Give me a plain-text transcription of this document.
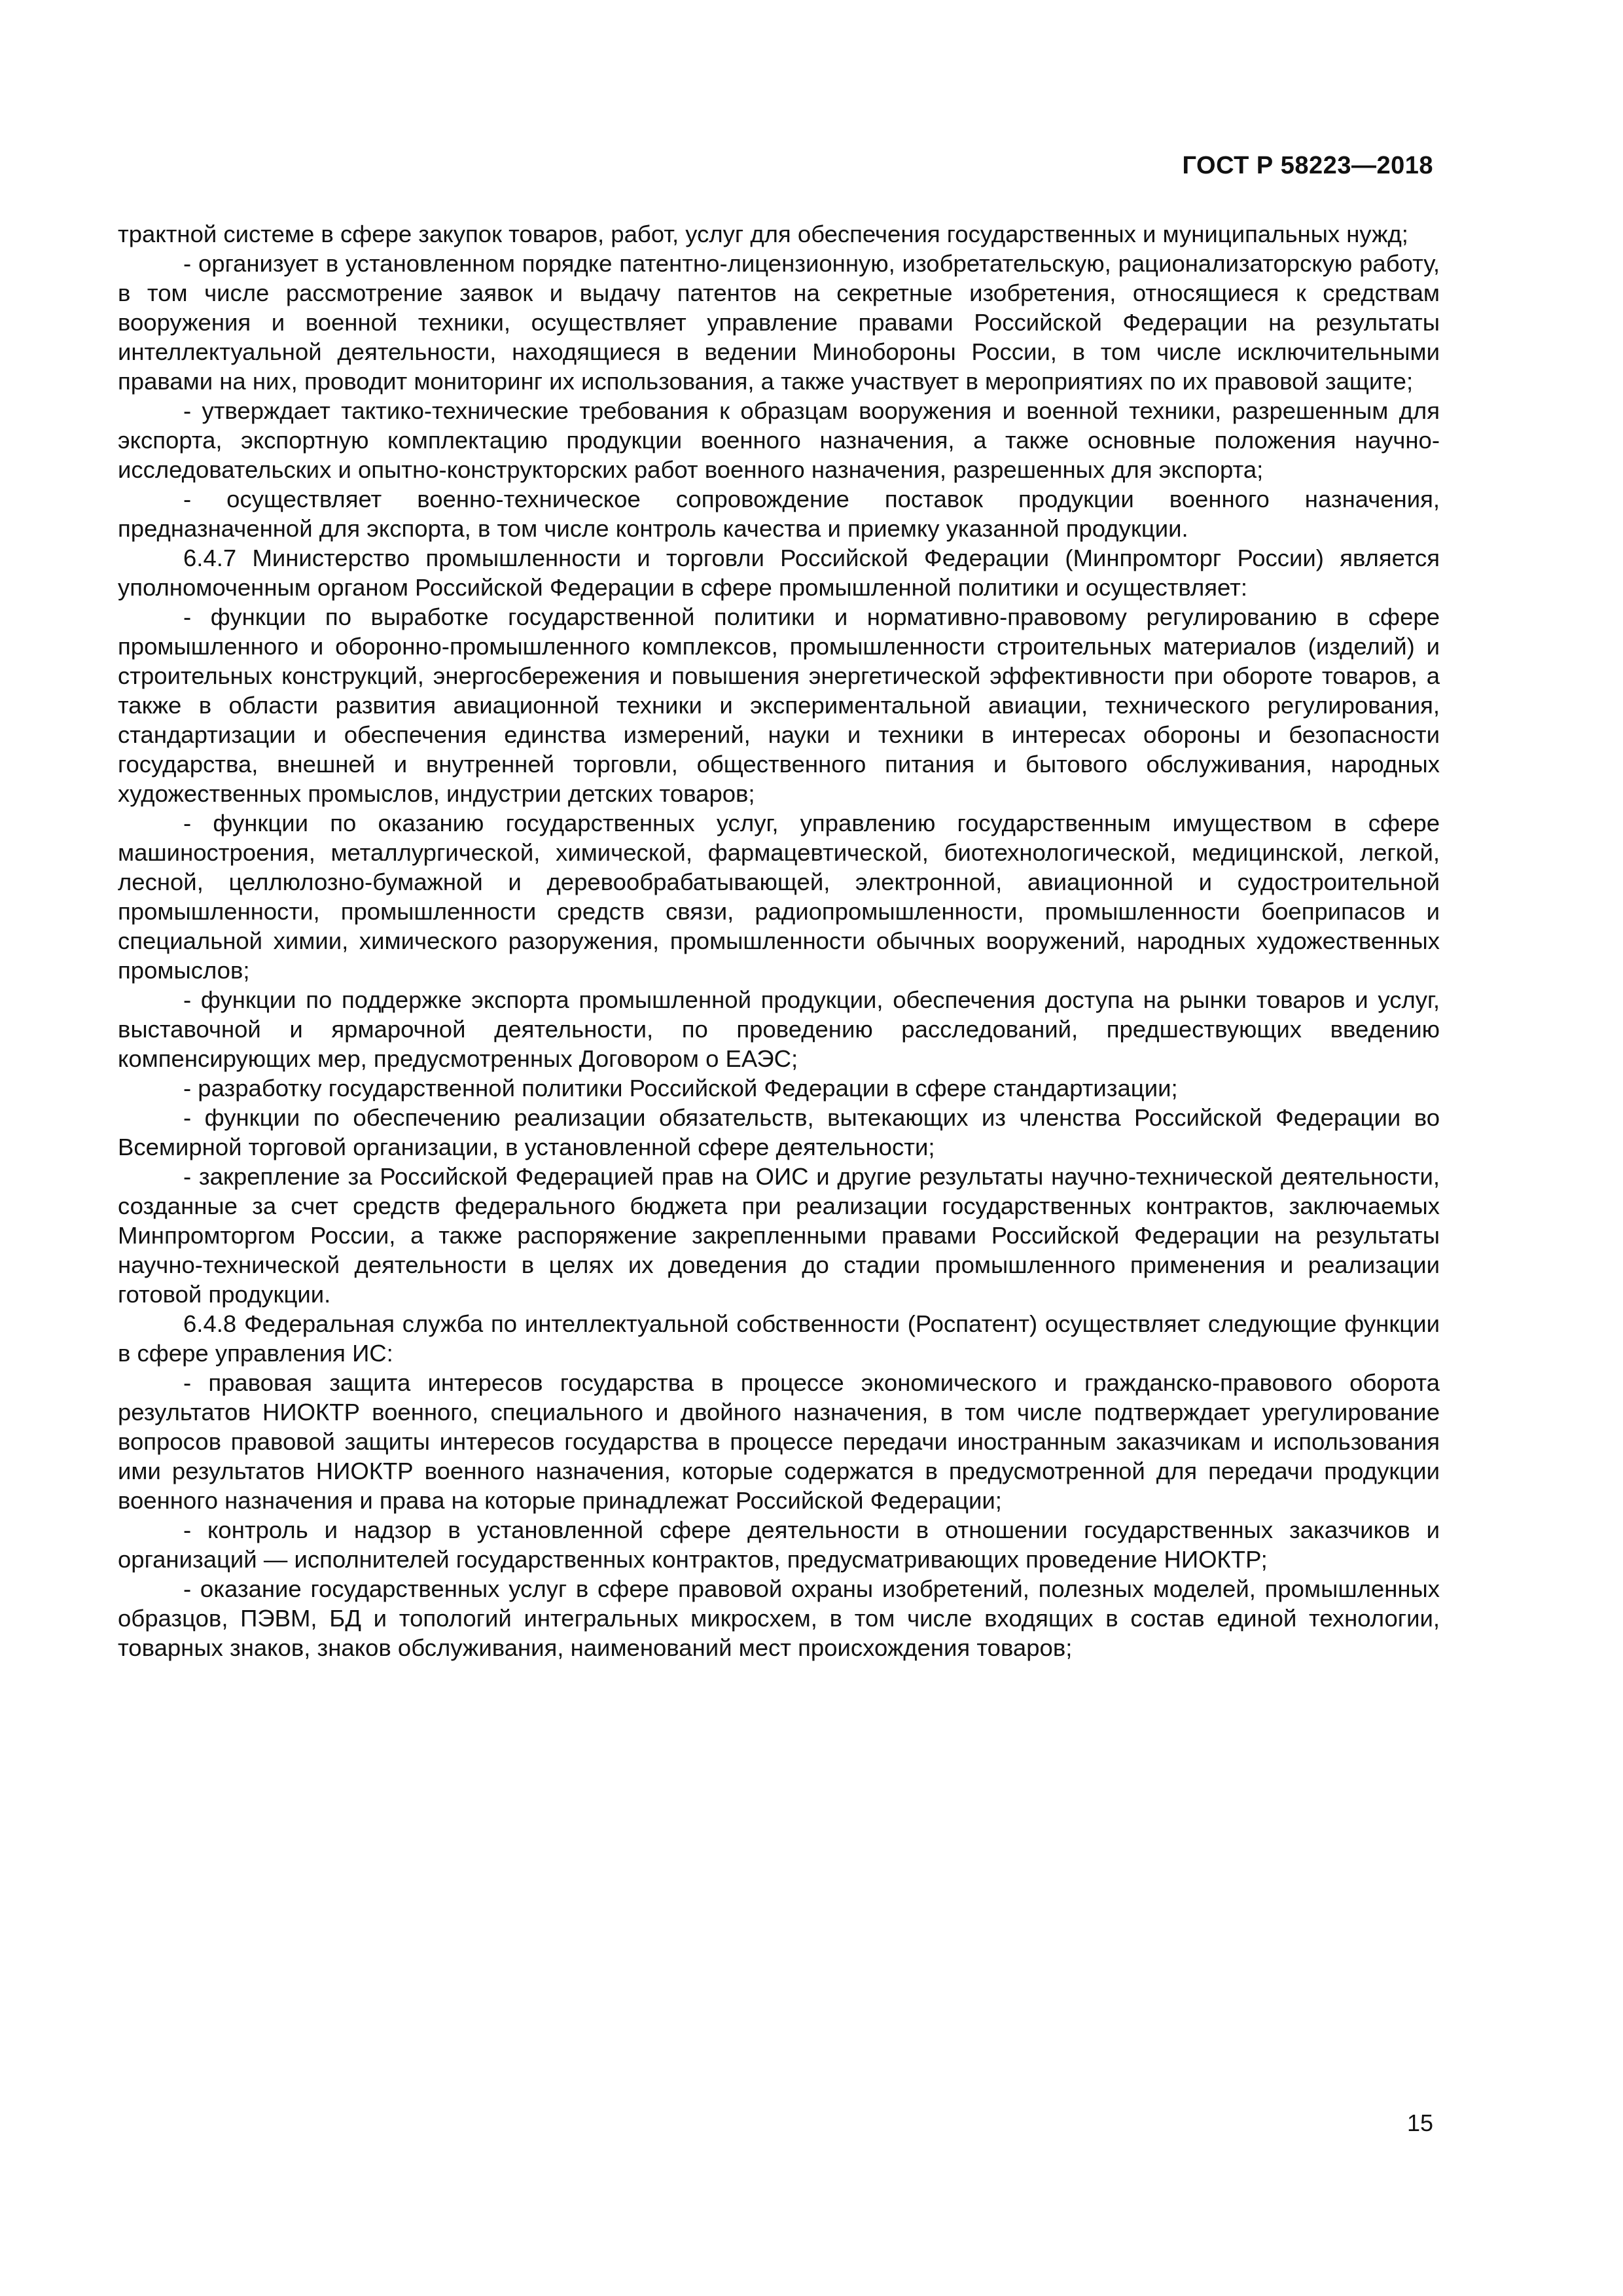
ГОСТ Р 58223—2018

трактной системе в сфере закупок товаров, работ, услуг для обеспечения государственных и муниципальных нужд;

- организует в установленном порядке патентно-лицензионную, изобретательскую, рационализаторскую работу, в том числе рассмотрение заявок и выдачу патентов на секретные изобретения, относящиеся к средствам вооружения и военной техники, осуществляет управление правами Российской Федерации на результаты интеллектуальной деятельности, находящиеся в ведении Минобороны России, в том числе исключительными правами на них, проводит мониторинг их использования, а также участвует в мероприятиях по их правовой защите;

- утверждает тактико-технические требования к образцам вооружения и военной техники, разрешенным для экспорта, экспортную комплектацию продукции военного назначения, а также основные положения научно-исследовательских и опытно-конструкторских работ военного назначения, разрешенных для экспорта;

- осуществляет военно-техническое сопровождение поставок продукции военного назначения, предназначенной для экспорта, в том числе контроль качества и приемку указанной продукции.

6.4.7 Министерство промышленности и торговли Российской Федерации (Минпромторг России) является уполномоченным органом Российской Федерации в сфере промышленной политики и осуществляет:

- функции по выработке государственной политики и нормативно-правовому регулированию в сфере промышленного и оборонно-промышленного комплексов, промышленности строительных материалов (изделий) и строительных конструкций, энергосбережения и повышения энергетической эффективности при обороте товаров, а также в области развития авиационной техники и экспериментальной авиации, технического регулирования, стандартизации и обеспечения единства измерений, науки и техники в интересах обороны и безопасности государства, внешней и внутренней торговли, общественного питания и бытового обслуживания, народных художественных промыслов, индустрии детских товаров;

- функции по оказанию государственных услуг, управлению государственным имуществом в сфере машиностроения, металлургической, химической, фармацевтической, биотехнологической, медицинской, легкой, лесной, целлюлозно-бумажной и деревообрабатывающей, электронной, авиационной и судостроительной промышленности, промышленности средств связи, радиопромышленности, промышленности боеприпасов и специальной химии, химического разоружения, промышленности обычных вооружений, народных художественных промыслов;

- функции по поддержке экспорта промышленной продукции, обеспечения доступа на рынки товаров и услуг, выставочной и ярмарочной деятельности, по проведению расследований, предшествующих введению компенсирующих мер, предусмотренных Договором о ЕАЭС;

- разработку государственной политики Российской Федерации в сфере стандартизации;

- функции по обеспечению реализации обязательств, вытекающих из членства Российской Федерации во Всемирной торговой организации, в установленной сфере деятельности;

- закрепление за Российской Федерацией прав на ОИС и другие результаты научно-технической деятельности, созданные за счет средств федерального бюджета при реализации государственных контрактов, заключаемых Минпромторгом России, а также распоряжение закрепленными правами Российской Федерации на результаты научно-технической деятельности в целях их доведения до стадии промышленного применения и реализации готовой продукции.

6.4.8 Федеральная служба по интеллектуальной собственности (Роспатент) осуществляет следующие функции в сфере управления ИС:

- правовая защита интересов государства в процессе экономического и гражданско-правового оборота результатов НИОКТР военного, специального и двойного назначения, в том числе подтверждает урегулирование вопросов правовой защиты интересов государства в процессе передачи иностранным заказчикам и использования ими результатов НИОКТР военного назначения, которые содержатся в предусмотренной для передачи продукции военного назначения и права на которые принадлежат Российской Федерации;

- контроль и надзор в установленной сфере деятельности в отношении государственных заказчиков и организаций — исполнителей государственных контрактов, предусматривающих проведение НИОКТР;

- оказание государственных услуг в сфере правовой охраны изобретений, полезных моделей, промышленных образцов, ПЭВМ, БД и топологий интегральных микросхем, в том числе входящих в состав единой технологии, товарных знаков, знаков обслуживания, наименований мест происхождения товаров;

15
